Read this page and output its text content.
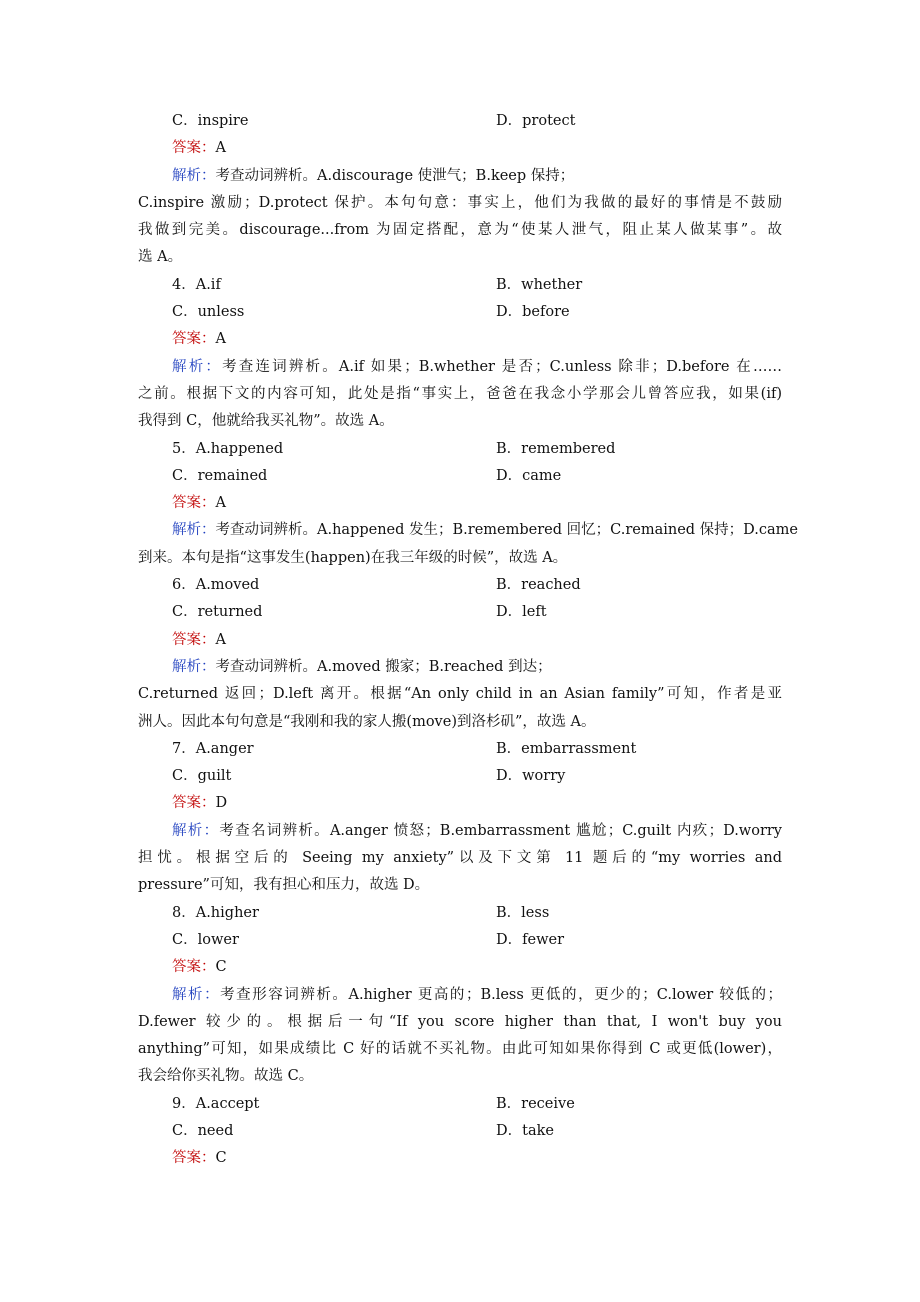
C．inspire	D．protect
答案：A
解析：考查动词辨析。A.discourage 使泄气；B.keep 保持；
C.inspire 激励；D.protect 保护。本句句意：事实上，他们为我做的最好的事情是不鼓励
我做到完美。discourage...from 为固定搭配，意为“使某人泄气，阻止某人做某事”。故
选 A。
4．A.if	B．whether
C．unless	D．before
答案：A
解析：考查连词辨析。A.if 如果；B.whether 是否；C.unless 除非；D.before 在……
之前。根据下文的内容可知，此处是指“事实上，爸爸在我念小学那会儿曾答应我，如果(if)
我得到 C，他就给我买礼物”。故选 A。
5．A.happened	B．remembered
C．remained	D．came
答案：A
解析：考查动词辨析。A.happened 发生；B.remembered 回忆；C.remained 保持；D.came
到来。本句是指“这事发生(happen)在我三年级的时候”，故选 A。
6．A.moved	B．reached
C．returned	D．left
答案：A
解析：考查动词辨析。A.moved 搬家；B.reached 到达；
C.returned 返回；D.left 离开。根据“An only child in an Asian family”可知，作者是亚
洲人。因此本句句意是“我刚和我的家人搬(move)到洛杉矶”，故选 A。
7．A.anger	B．embarrassment
C．guilt	D．worry
答案：D
解析：考查名词辨析。A.anger 愤怒；B.embarrassment 尴尬；C.guilt 内疚；D.worry
担忧。根据空后的 Seeing my anxiety”以及下文第 11 题后的“my worries and
pressure”可知，我有担心和压力，故选 D。
8．A.higher	B．less
C．lower	D．fewer
答案：C
解析：考查形容词辨析。A.higher 更高的；B.less 更低的，更少的；C.lower 较低的；
D.fewer 较少的。根据后一句“If you score higher than that, I won't buy you
anything”可知，如果成绩比 C 好的话就不买礼物。由此可知如果你得到 C 或更低(lower)，
我会给你买礼物。故选 C。
9．A.accept	B．receive
C．need	D．take
答案：C
